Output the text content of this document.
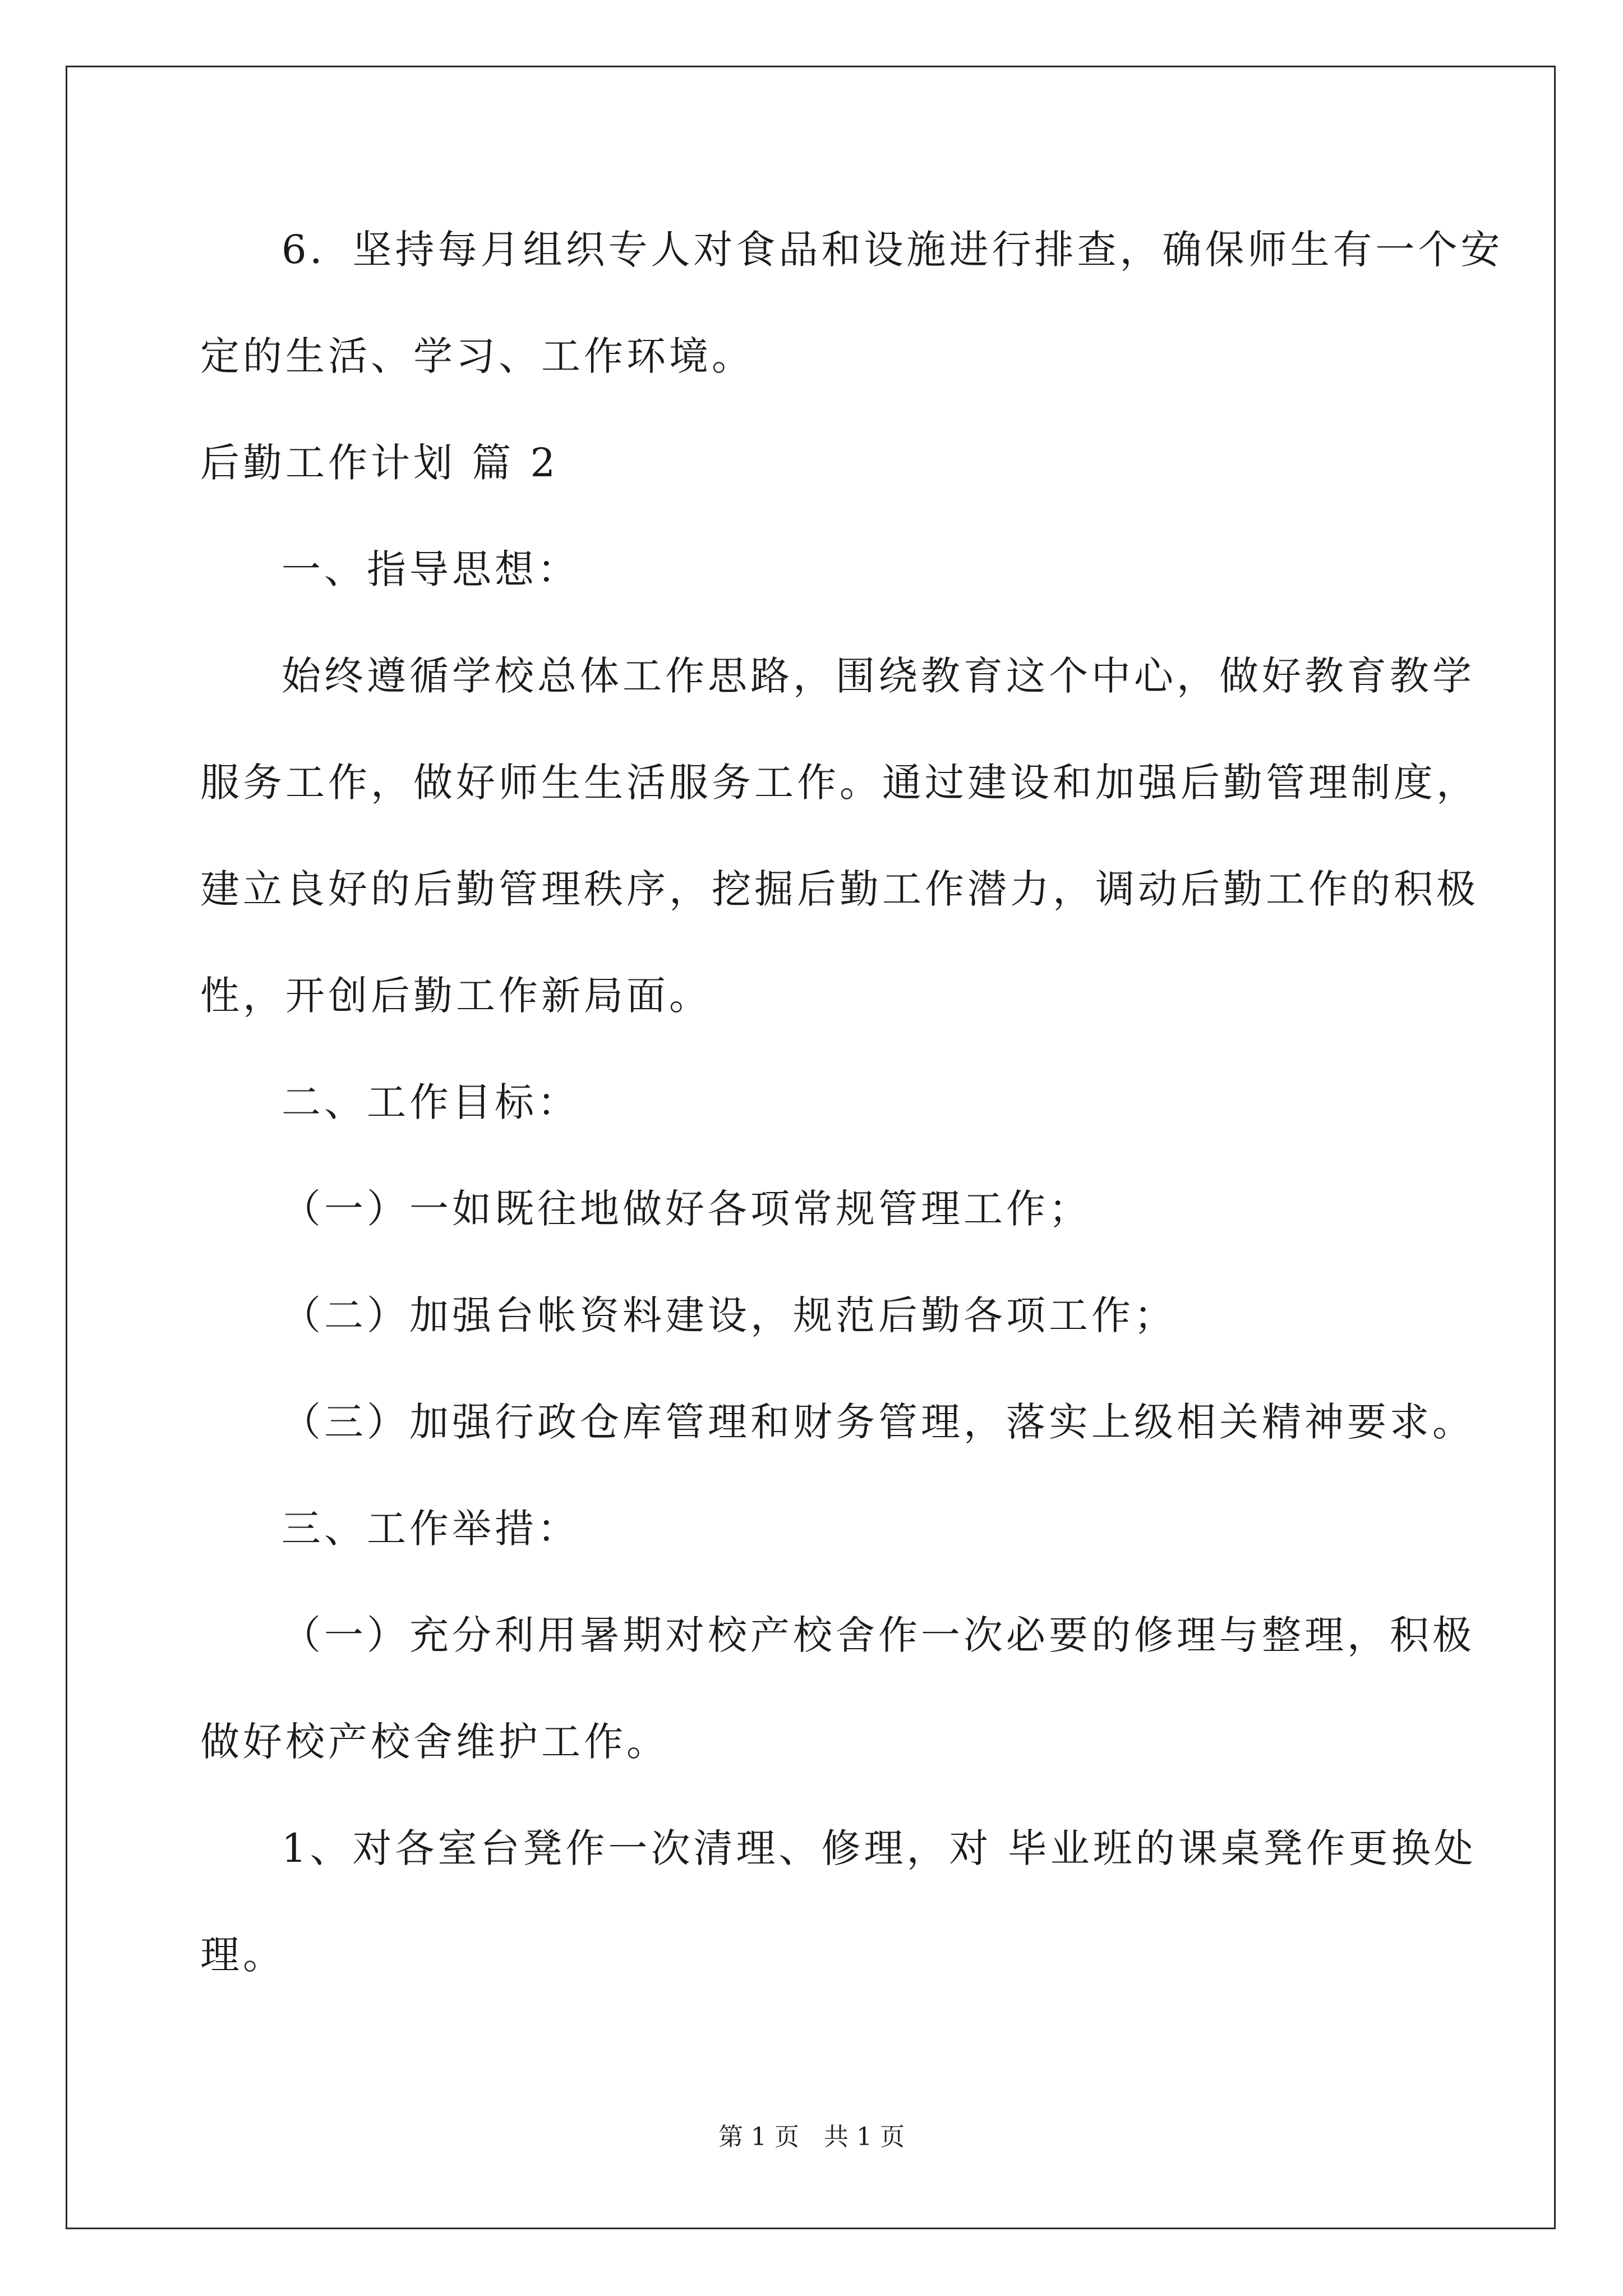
6．坚持每月组织专人对食品和设施进行排查，确保师生有一个安
定的生活、学习、工作环境。
后勤工作计划 篇 2
一、指导思想：
始终遵循学校总体工作思路，围绕教育这个中心，做好教育教学
服务工作，做好师生生活服务工作。通过建设和加强后勤管理制度，
建立良好的后勤管理秩序，挖掘后勤工作潜力，调动后勤工作的积极
性，开创后勤工作新局面。
二、工作目标：
（一）一如既往地做好各项常规管理工作；
（二）加强台帐资料建设，规范后勤各项工作；
（三）加强行政仓库管理和财务管理，落实上级相关精神要求。
三、工作举措：
（一）充分利用暑期对校产校舍作一次必要的修理与整理，积极
做好校产校舍维护工作。
1、对各室台凳作一次清理、修理，对 毕业班的课桌凳作更换处
理。
第 1 页　共 1 页
